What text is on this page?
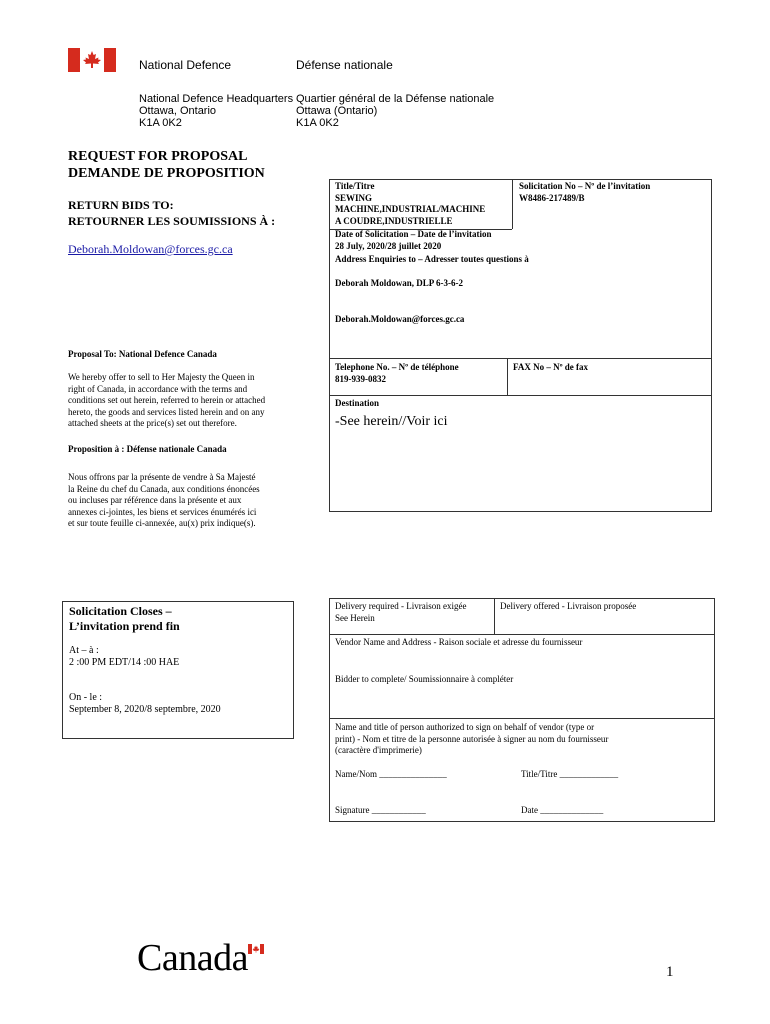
National Defence	Défense nationale
National Defence Headquarters
Ottawa, Ontario
K1A 0K2
Quartier général de la Défense nationale
Ottawa (Ontario)
K1A 0K2
REQUEST FOR PROPOSAL
DEMANDE DE PROPOSITION
RETURN BIDS TO:
RETOURNER LES SOUMISSIONS À :
Deborah.Moldowan@forces.gc.ca
Proposal To: National Defence Canada
We hereby offer to sell to Her Majesty the Queen in
right of Canada, in accordance with the terms and
conditions set out herein, referred to herein or attached
hereto, the goods and services listed herein and on any
attached sheets at the price(s) set out therefore.
Proposition à : Défense nationale Canada
Nous offrons par la présente de vendre à Sa Majesté
la Reine du chef du Canada, aux conditions énoncées
ou incluses par référence dans la présente et aux
annexes ci-jointes, les biens et services énumérés ici
et sur toute feuille ci-annexée, au(x) prix indique(s).
Solicitation Closes –
L’invitation prend fin
At – à :
2 :00 PM EDT/14 :00 HAE
On - le :
September 8, 2020/8 septembre, 2020
Title/Titre
SEWING
MACHINE,INDUSTRIAL/MACHINE
A COUDRE,INDUSTRIELLE
Solicitation No – Nº de l’invitation
W8486-217489/B
Date of Solicitation – Date de l’invitation
28 July, 2020/28 juillet 2020
Address Enquiries to – Adresser toutes questions à
Deborah Moldowan, DLP 6-3-6-2
Deborah.Moldowan@forces.gc.ca
Telephone No. – Nº de téléphone
819-939-0832
FAX No – Nº de fax
Destination
-See herein//Voir ici
Delivery required - Livraison exigée
See Herein
Delivery offered - Livraison proposée
Vendor Name and Address - Raison sociale et adresse du fournisseur
Bidder to complete/ Soumissionnaire à compléter
Name and title of person authorized to sign on behalf of vendor (type or
print) - Nom et titre de la personne autorisée à signer au nom du fournisseur
(caractère d'imprimerie)
Name/Nom _______________	Title/Titre _____________
Signature ____________	Date ______________
Canada	1
